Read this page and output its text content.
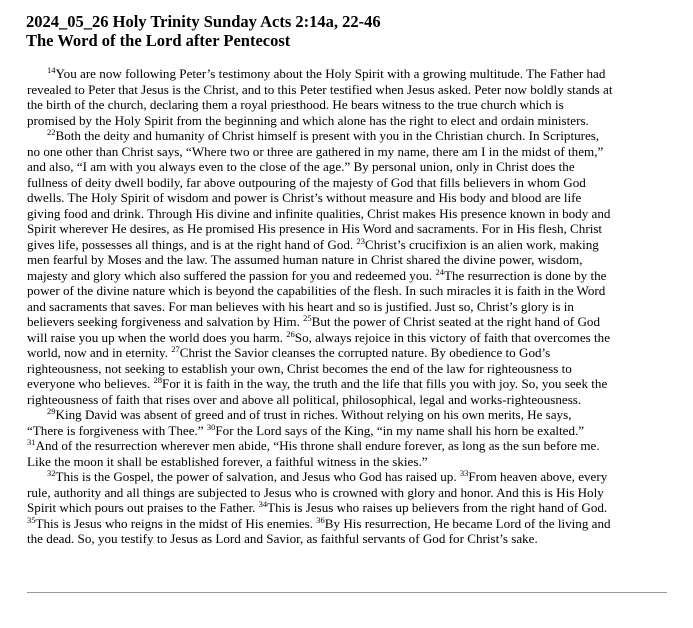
2024_05_26 Holy Trinity Sunday Acts 2:14a, 22-46
The Word of the Lord after Pentecost
$^{14}$You are now following Peter’s testimony about the Holy Spirit with a growing multitude. The Father had
revealed to Peter that Jesus is the Christ, and to this Peter testified when Jesus asked. Peter now boldly stands at
the birth of the church, declaring them a royal priesthood. He bears witness to the true church which is
promised by the Holy Spirit from the beginning and which alone has the right to elect and ordain ministers.
$^{22}$Both the deity and humanity of Christ himself is present with you in the Christian church. In Scriptures,
no one other than Christ says, “Where two or three are gathered in my name, there am I in the midst of them,”
and also, “I am with you always even to the close of the age.” By personal union, only in Christ does the
fullness of deity dwell bodily, far above outpouring of the majesty of God that fills believers in whom God
dwells. The Holy Spirit of wisdom and power is Christ’s without measure and His body and blood are life
giving food and drink. Through His divine and infinite qualities, Christ makes His presence known in body and
Spirit wherever He desires, as He promised His presence in His Word and sacraments. For in His flesh, Christ
gives life, possesses all things, and is at the right hand of God. $^{23}$Christ’s crucifixion is an alien work, making
men fearful by Moses and the law. The assumed human nature in Christ shared the divine power, wisdom,
majesty and glory which also suffered the passion for you and redeemed you. $^{24}$The resurrection is done by the
power of the divine nature which is beyond the capabilities of the flesh. In such miracles it is faith in the Word
and sacraments that saves. For man believes with his heart and so is justified. Just so, Christ’s glory is in
believers seeking forgiveness and salvation by Him. $^{25}$But the power of Christ seated at the right hand of God
will raise you up when the world does you harm. $^{26}$So, always rejoice in this victory of faith that overcomes the
world, now and in eternity. $^{27}$Christ the Savior cleanses the corrupted nature. By obedience to God’s
righteousness, not seeking to establish your own, Christ becomes the end of the law for righteousness to
everyone who believes. $^{28}$For it is faith in the way, the truth and the life that fills you with joy. So, you seek the
righteousness of faith that rises over and above all political, philosophical, legal and works-righteousness.
$^{29}$King David was absent of greed and of trust in riches. Without relying on his own merits, He says,
“There is forgiveness with Thee.” $^{30}$For the Lord says of the King, “in my name shall his horn be exalted.”
$^{31}$And of the resurrection wherever men abide, “His throne shall endure forever, as long as the sun before me.
Like the moon it shall be established forever, a faithful witness in the skies.”
$^{32}$This is the Gospel, the power of salvation, and Jesus who God has raised up. $^{33}$From heaven above, every
rule, authority and all things are subjected to Jesus who is crowned with glory and honor. And this is His Holy
Spirit which pours out praises to the Father. $^{34}$This is Jesus who raises up believers from the right hand of God.
$^{35}$This is Jesus who reigns in the midst of His enemies. $^{36}$By His resurrection, He became Lord of the living and
the dead. So, you testify to Jesus as Lord and Savior, as faithful servants of God for Christ’s sake.
